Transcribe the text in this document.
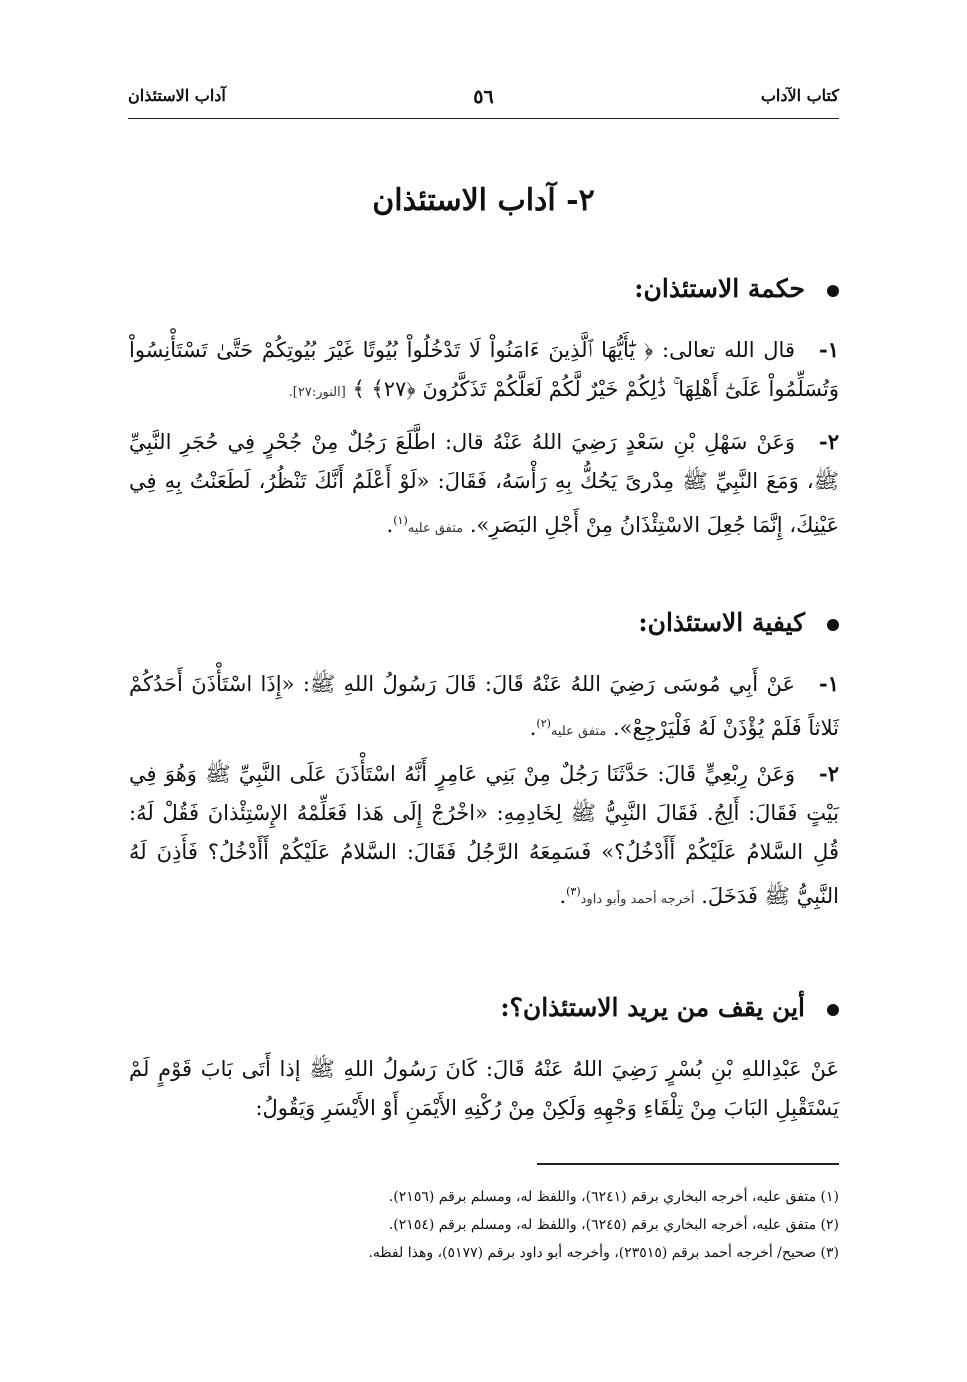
كتاب الآداب
٥٦
آداب الاستئذان
٢- آداب الاستئذان
حكمة الاستئذان:
١-قال الله تعالى: ﴿ يَٰٓأَيُّهَا ٱلَّذِينَ ءَامَنُواْ لَا تَدْخُلُواْ بُيُوتًا غَيْرَ بُيُوتِكُمْ حَتَّىٰ تَسْتَأْنِسُواْ وَتُسَلِّمُواْ عَلَىٰٓ أَهْلِهَا ۚ ذَٰلِكُمْ خَيْرٌ لَّكُمْ لَعَلَّكُمْ تَذَكَّرُونَ ﴿٢٧﴾ ﴾ [النور:٢٧].
٢-وَعَنْ سَهْلِ بْنِ سَعْدٍ رَضِيَ اللهُ عَنْهُ قال: اطَّلَعَ رَجُلٌ مِنْ جُحْرٍ فِي حُجَرِ النَّبِيِّ ﷺ، وَمَعَ النَّبِيِّ ﷺ مِدْرىً يَحُكُّ بِهِ رَأْسَهُ، فَقَالَ: «لَوْ أَعْلَمُ أَنَّكَ تَنْظُرُ، لَطَعَنْتُ بِهِ فِي عَيْنِكَ، إِنَّمَا جُعِلَ الاسْتِئْذَانُ مِنْ أَجْلِ البَصَرِ». متفق عليه$^{(١)}$.
كيفية الاستئذان:
١-عَنْ أَبِي مُوسَى رَضِيَ اللهُ عَنْهُ قَالَ: قَالَ رَسُولُ اللهِ ﷺ: «إِذَا اسْتَأْذَنَ أَحَدُكُمْ ثَلاثاً فَلَمْ يُؤْذَنْ لَهُ فَلْيَرْجِعْ». متفق عليه$^{(٢)}$.
٢-وَعَنْ رِبْعِيٍّ قَالَ: حَدَّثَنَا رَجُلٌ مِنْ بَنِي عَامِرٍ أَنَّهُ اسْتَأْذَنَ عَلَى النَّبِيِّ ﷺ وَهُوَ فِي بَيْتٍ فَقَالَ: أَلِجُ. فَقَالَ النَّبِيُّ ﷺ لِخَادِمِهِ: «اخْرُجْ إِلَى هَذا فَعَلِّمْهُ الإِسْتِئْذانَ فَقُلْ لَهُ: قُلِ السَّلامُ عَلَيْكُمْ أَأَدْخُلُ؟» فَسَمِعَهُ الرَّجُلُ فَقَالَ: السَّلامُ عَلَيْكُمْ أَأَدْخُلُ؟ فَأَذِنَ لَهُ النَّبِيُّ ﷺ فَدَخَلَ. أخرجه أحمد وأبو داود$^{(٣)}$.
أين يقف من يريد الاستئذان؟:
عَنْ عَبْدِاللهِ بْنِ بُسْرٍ رَضِيَ اللهُ عَنْهُ قَالَ: كَانَ رَسُولُ اللهِ ﷺ إذا أَتَى بَابَ قَوْمٍ لَمْ يَسْتَقْبِلِ البَابَ مِنْ تِلْقَاءِ وَجْهِهِ وَلَكِنْ مِنْ رُكْنِهِ الأَيْمَنِ أَوْ الأَيْسَرِ وَيَقُولُ:
(١) متفق عليه، أخرجه البخاري برقم (٦٢٤١)، واللفظ له، ومسلم برقم (٢١٥٦).
(٢) متفق عليه، أخرجه البخاري برقم (٦٢٤٥)، واللفظ له، ومسلم برقم (٢١٥٤).
(٣) صحيح/ أخرجه أحمد برقم (٢٣٥١٥)، وأخرجه أبو داود برقم (٥١٧٧)، وهذا لفظه.
